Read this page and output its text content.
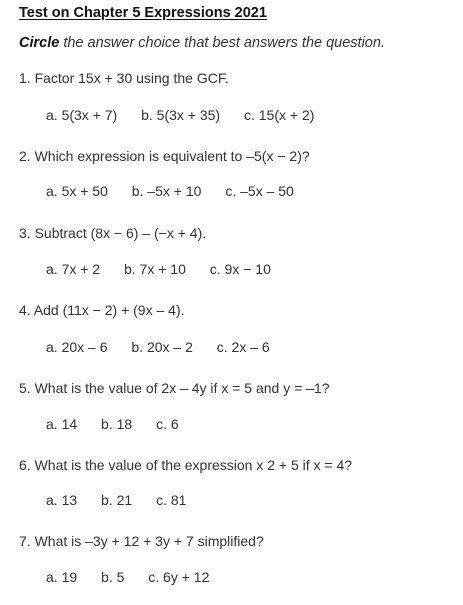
Test on Chapter 5 Expressions 2021
Circle the answer choice that best answers the question.
1. Factor 15x + 30 using the GCF.
a. 5(3x + 7) b. 5(3x + 35) c. 15(x + 2)
2. Which expression is equivalent to –5(x − 2)?
a. 5x + 50 b. –5x + 10 c. –5x – 50
3. Subtract (8x − 6) – (−x + 4).
a. 7x + 2 b. 7x + 10 c. 9x − 10
4. Add (11x − 2) + (9x – 4).
a. 20x – 6 b. 20x – 2 c. 2x – 6
5. What is the value of 2x – 4y if x = 5 and y = –1?
a. 14 b. 18 c. 6
6. What is the value of the expression x 2 + 5 if x = 4?
a. 13 b. 21 c. 81
7. What is –3y + 12 + 3y + 7 simplified?
a. 19 b. 5 c. 6y + 12
